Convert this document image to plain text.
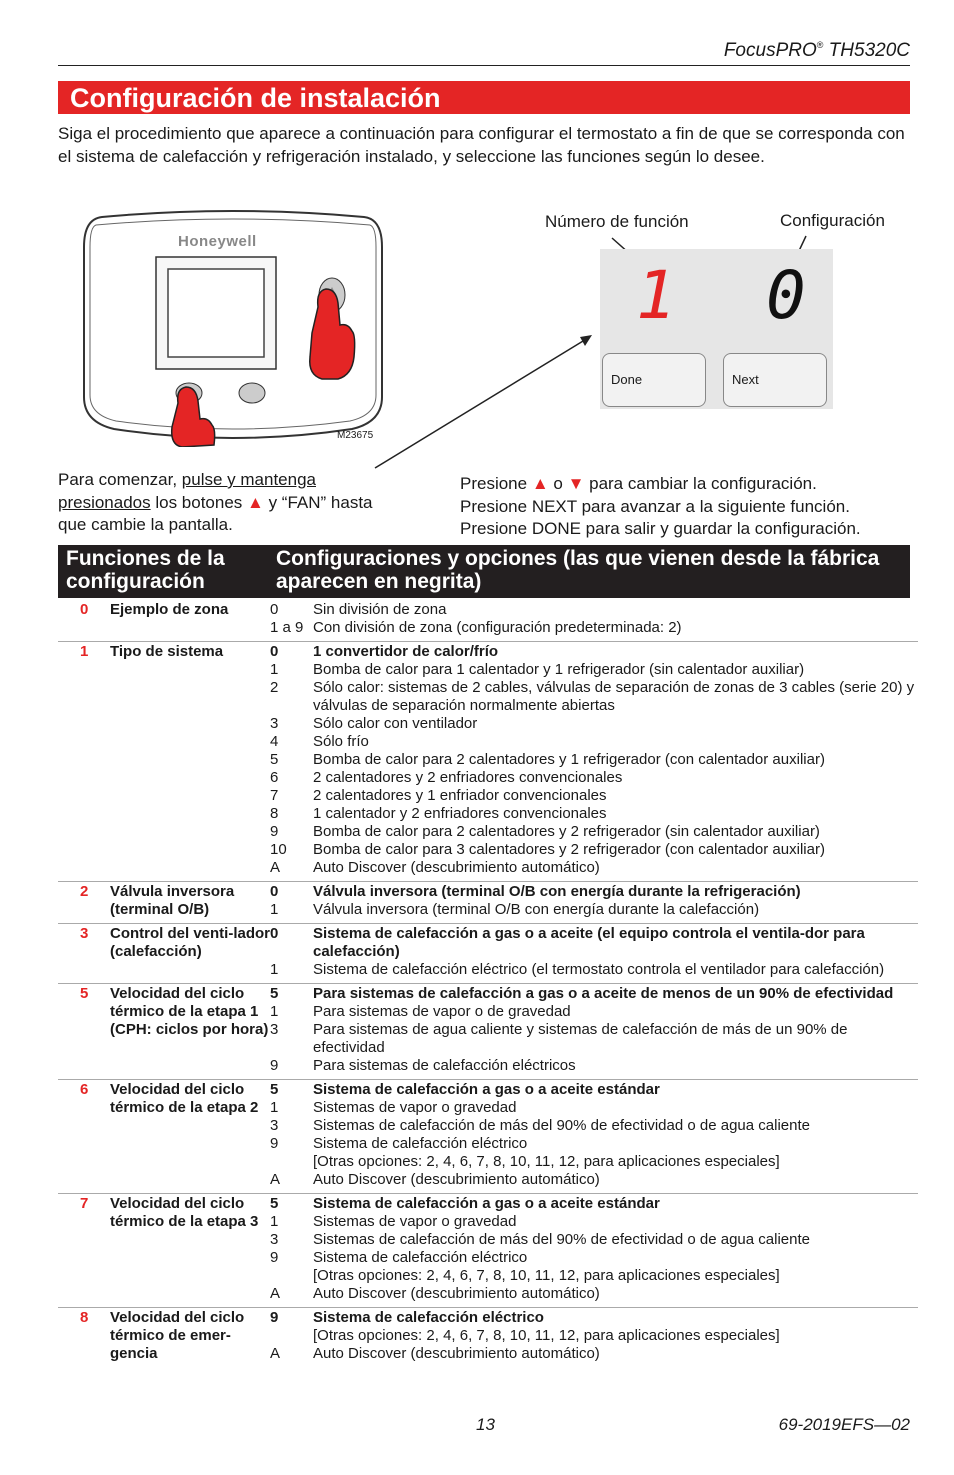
FocusPRO® TH5320C
Configuración de instalación
Siga el procedimiento que aparece a continuación para configurar el termostato a fin de que se corresponda con el sistema de calefacción y refrigeración instalado, y seleccione las funciones según lo desee.
Honeywell
M23675
Número de función	Configuración
1 0
Done	Next
Para comenzar, pulse y mantenga
presionados los botones ▲ y “FAN” hasta que cambie la pantalla.
Presione ▲ o ▼ para cambiar la configuración.
Presione NEXT para avanzar a la siguiente función.
Presione DONE para salir y guardar la configuración.
Funciones de la configuración
Configuraciones y opciones (las que vienen desde la fábrica aparecen en negrita)
0 Ejemplo de zona	0	Sin división de zona
1 a 9 Con división de zona (configuración predeterminada: 2)
1 Tipo de sistema	0	1 convertidor de calor/frío
1	Bomba de calor para 1 calentador y 1 refrigerador (sin calentador auxiliar)
2	Sólo calor: sistemas de 2 cables, válvulas de separación de zonas de 3 cables (serie 20) y válvulas de separación normalmente abiertas
3	Sólo calor con ventilador
4	Sólo frío
5	Bomba de calor para 2 calentadores y 1 refrigerador (con calentador auxiliar)
6	2 calentadores y 2 enfriadores convencionales
7	2 calentadores y 1 enfriador convencionales
8	1 calentador y 2 enfriadores convencionales
9	Bomba de calor para 2 calentadores y 2 refrigerador (sin calentador auxiliar)
10	Bomba de calor para 3 calentadores y 2 refrigerador (con calentador auxiliar)
A	Auto Discover (descubrimiento automático)
2 Válvula inversora (terminal O/B)
0	Válvula inversora (terminal O/B con energía durante la refrigeración)
1	Válvula inversora (terminal O/B con energía durante la calefacción)
3 Control del venti-lador (calefacción)
0	Sistema de calefacción a gas o a aceite (el equipo controla el ventila-dor para calefacción)
1	Sistema de calefacción eléctrico (el termostato controla el ventilador para calefacción)
5 Velocidad del ciclo térmico de la etapa 1 (CPH: ciclos por hora)
5	Para sistemas de calefacción a gas o a aceite de menos de un 90% de efectividad
1	Para sistemas de vapor o de gravedad
3	Para sistemas de agua caliente y sistemas de calefacción de más de un 90% de efectividad
9	Para sistemas de calefacción eléctricos
6 Velocidad del ciclo térmico de la etapa 2
5	Sistema de calefacción a gas o a aceite estándar
1	Sistemas de vapor o gravedad
3	Sistemas de calefacción de más del 90% de efectividad o de agua caliente
9	Sistema de calefacción eléctrico
[Otras opciones: 2, 4, 6, 7, 8, 10, 11, 12, para aplicaciones especiales]
A	Auto Discover (descubrimiento automático)
7 Velocidad del ciclo térmico de la etapa 3
5	Sistema de calefacción a gas o a aceite estándar
1	Sistemas de vapor o gravedad
3	Sistemas de calefacción de más del 90% de efectividad o de agua caliente
9	Sistema de calefacción eléctrico
[Otras opciones: 2, 4, 6, 7, 8, 10, 11, 12, para aplicaciones especiales]
A	Auto Discover (descubrimiento automático)
8 Velocidad del ciclo térmico de emer-gencia
9	Sistema de calefacción eléctrico
[Otras opciones: 2, 4, 6, 7, 8, 10, 11, 12, para aplicaciones especiales]
A	Auto Discover (descubrimiento automático)
13	69-2019EFS—02
